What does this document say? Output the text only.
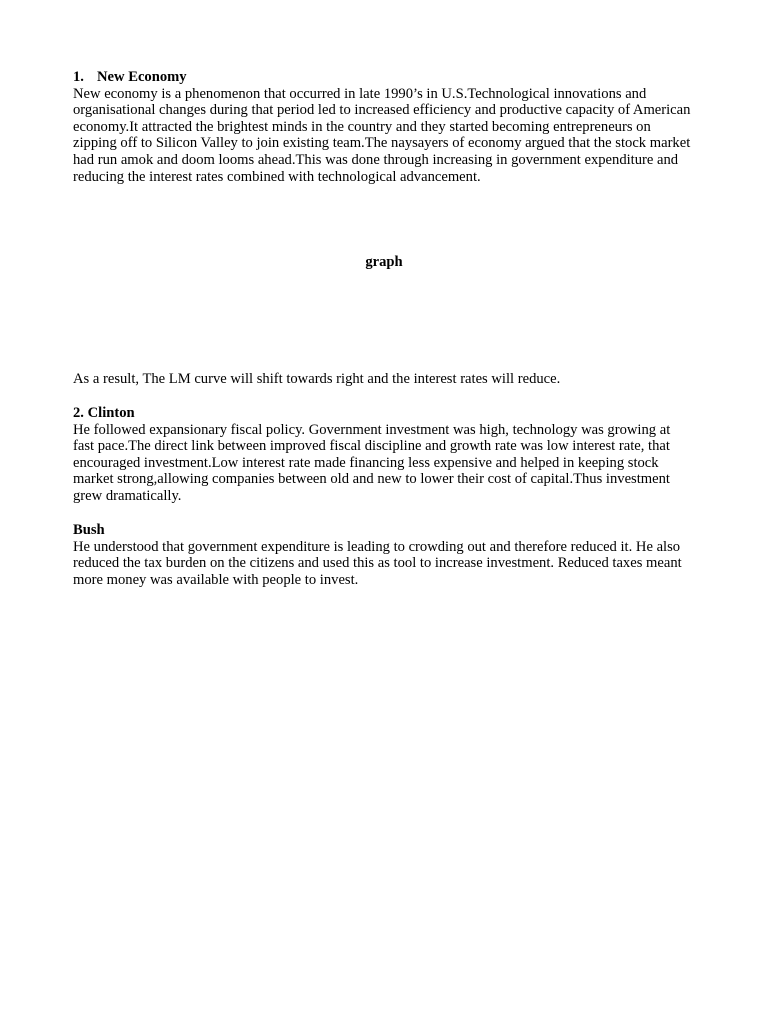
1. New Economy

New economy is a phenomenon that occurred in late 1990’s in U.S.Technological innovations and organisational changes during that period led to increased efficiency and productive capacity of American economy.It attracted the brightest minds in the country and they started becoming entrepreneurs on zipping off to Silicon Valley to join existing team.The naysayers of economy argued that the stock market had run amok and doom looms ahead.This was done through increasing in government expenditure and reducing the interest rates combined with technological advancement.

graph

As a result, The LM curve will shift towards right and the interest rates will reduce.

2. Clinton

He followed expansionary fiscal policy. Government investment was high, technology was growing at fast pace.The direct link between improved fiscal discipline and growth rate was low interest rate, that encouraged investment.Low interest rate made financing less expensive and helped in keeping stock market strong,allowing companies between old and new to lower their cost of capital.Thus investment grew dramatically.

Bush

He understood that government expenditure is leading to crowding out and therefore reduced it. He also reduced the tax burden on the citizens and used this as tool to increase investment. Reduced taxes meant more money was available with people to invest.
